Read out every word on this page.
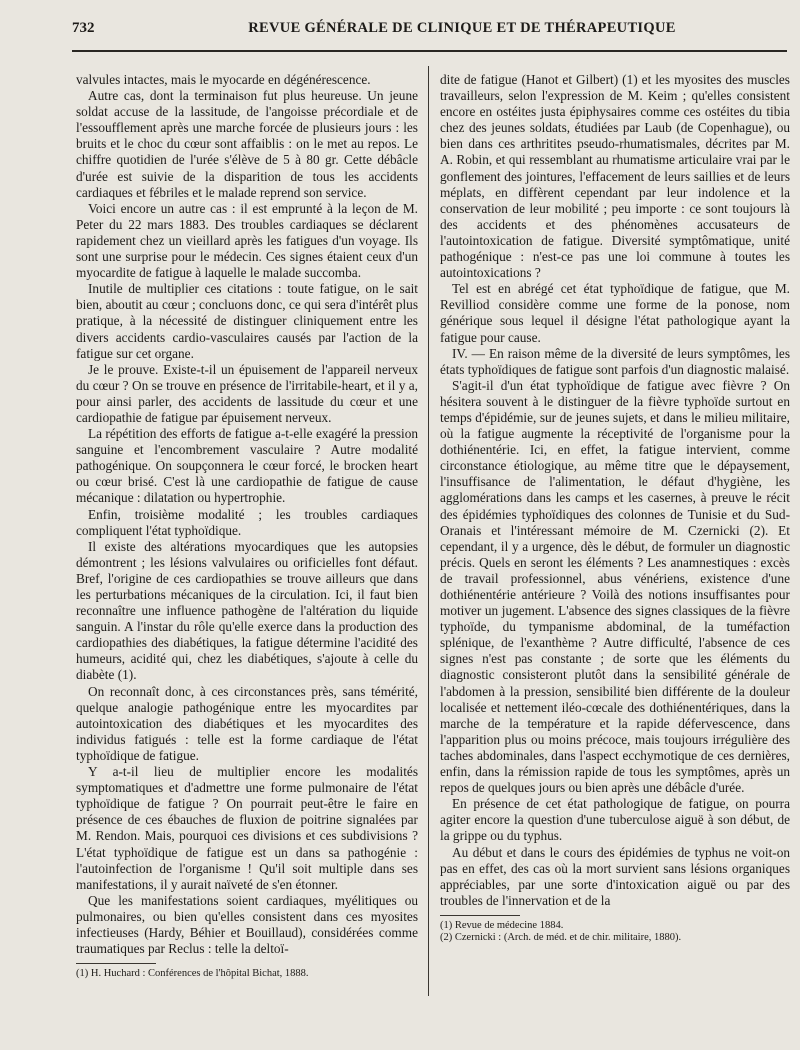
732	REVUE GÉNÉRALE DE CLINIQUE ET DE THÉRAPEUTIQUE

valvules intactes, mais le myocarde en dégénérescence.

Autre cas, dont la terminaison fut plus heureuse. Un jeune soldat accuse de la lassitude, de l'angoisse précordiale et de l'essoufflement après une marche forcée de plusieurs jours : les bruits et le choc du cœur sont affaiblis : on le met au repos. Le chiffre quotidien de l'urée s'élève de 5 à 80 gr. Cette débâcle d'urée est suivie de la disparition de tous les accidents cardiaques et fébriles et le malade reprend son service.

Voici encore un autre cas : il est emprunté à la leçon de M. Peter du 22 mars 1883. Des troubles cardiaques se déclarent rapidement chez un vieillard après les fatigues d'un voyage. Ils sont une surprise pour le médecin. Ces signes étaient ceux d'un myocardite de fatigue à laquelle le malade succomba.

Inutile de multiplier ces citations : toute fatigue, on le sait bien, aboutit au cœur ; concluons donc, ce qui sera d'intérêt plus pratique, à la nécessité de distinguer cliniquement entre les divers accidents cardio-vasculaires causés par l'action de la fatigue sur cet organe.

Je le prouve. Existe-t-il un épuisement de l'appareil nerveux du cœur ? On se trouve en présence de l'irritabile-heart, et il y a, pour ainsi parler, des accidents de lassitude du cœur et une cardiopathie de fatigue par épuisement nerveux.

La répétition des efforts de fatigue a-t-elle exagéré la pression sanguine et l'encombrement vasculaire ? Autre modalité pathogénique. On soupçonnera le cœur forcé, le brocken heart ou cœur brisé. C'est là une cardiopathie de fatigue de cause mécanique : dilatation ou hypertrophie.

Enfin, troisième modalité ; les troubles cardiaques compliquent l'état typhoïdique.

Il existe des altérations myocardiques que les autopsies démontrent ; les lésions valvulaires ou orificielles font défaut. Bref, l'origine de ces cardiopathies se trouve ailleurs que dans les perturbations mécaniques de la circulation. Ici, il faut bien reconnaître une influence pathogène de l'altération du liquide sanguin. A l'instar du rôle qu'elle exerce dans la production des cardiopathies des diabétiques, la fatigue détermine l'acidité des humeurs, acidité qui, chez les diabétiques, s'ajoute à celle du diabète (1).

On reconnaît donc, à ces circonstances près, sans témérité, quelque analogie pathogénique entre les myocardites par autointoxication des diabétiques et les myocardites des individus fatigués : telle est la forme cardiaque de l'état typhoïdique de fatigue.

Y a-t-il lieu de multiplier encore les modalités symptomatiques et d'admettre une forme pulmonaire de l'état typhoïdique de fatigue ? On pourrait peut-être le faire en présence de ces ébauches de fluxion de poitrine signalées par M. Rendon. Mais, pourquoi ces divisions et ces subdivisions ? L'état typhoïdique de fatigue est un dans sa pathogénie : l'autoinfection de l'organisme ! Qu'il soit multiple dans ses manifestations, il y aurait naïveté de s'en étonner.

Que les manifestations soient cardiaques, myélitiques ou pulmonaires, ou bien qu'elles consistent dans ces myosites infectieuses (Hardy, Béhier et Bouillaud), considérées comme traumatiques par Reclus : telle la deltoï-

(1) H. Huchard : Conférences de l'hôpital Bichat, 1888.

dite de fatigue (Hanot et Gilbert) (1) et les myosites des muscles travailleurs, selon l'expression de M. Keim ; qu'elles consistent encore en ostéites justa épiphysaires comme ces ostéites du tibia chez des jeunes soldats, étudiées par Laub (de Copenhague), ou bien dans ces arthritites pseudo-rhumatismales, décrites par M. A. Robin, et qui ressemblant au rhumatisme articulaire vrai par le gonflement des jointures, l'effacement de leurs saillies et de leurs méplats, en diffèrent cependant par leur indolence et la conservation de leur mobilité ; peu importe : ce sont toujours là des accidents et des phénomènes accusateurs de l'autointoxication de fatigue. Diversité symptômatique, unité pathogénique : n'est-ce pas une loi commune à toutes les autointoxications ?

Tel est en abrégé cet état typhoïdique de fatigue, que M. Revilliod considère comme une forme de la ponose, nom générique sous lequel il désigne l'état pathologique ayant la fatigue pour cause.

IV. — En raison même de la diversité de leurs symptômes, les états typhoïdiques de fatigue sont parfois d'un diagnostic malaisé.

S'agit-il d'un état typhoïdique de fatigue avec fièvre ? On hésitera souvent à le distinguer de la fièvre typhoïde surtout en temps d'épidémie, sur de jeunes sujets, et dans le milieu militaire, où la fatigue augmente la réceptivité de l'organisme pour la dothiénentérie. Ici, en effet, la fatigue intervient, comme circonstance étiologique, au même titre que le dépaysement, l'insuffisance de l'alimentation, le défaut d'hygiène, les agglomérations dans les camps et les casernes, à preuve le récit des épidémies typhoïdiques des colonnes de Tunisie et du Sud-Oranais et l'intéressant mémoire de M. Czernicki (2). Et cependant, il y a urgence, dès le début, de formuler un diagnostic précis. Quels en seront les éléments ? Les anamnestiques : excès de travail professionnel, abus vénériens, existence d'une dothiénentérie antérieure ? Voilà des notions insuffisantes pour motiver un jugement. L'absence des signes classiques de la fièvre typhoïde, du tympanisme abdominal, de la tuméfaction splénique, de l'exanthème ? Autre difficulté, l'absence de ces signes n'est pas constante ; de sorte que les éléments du diagnostic consisteront plutôt dans la sensibilité générale de l'abdomen à la pression, sensibilité bien différente de la douleur localisée et nettement iléo-cœcale des dothiénentériques, dans la marche de la température et la rapide défervescence, dans l'apparition plus ou moins précoce, mais toujours irrégulière des taches abdominales, dans l'aspect ecchymotique de ces dernières, enfin, dans la rémission rapide de tous les symptômes, après un repos de quelques jours ou bien après une débâcle d'urée.

En présence de cet état pathologique de fatigue, on pourra agiter encore la question d'une tuberculose aiguë à son début, de la grippe ou du typhus.

Au début et dans le cours des épidémies de typhus ne voit-on pas en effet, des cas où la mort survient sans lésions organiques appréciables, par une sorte d'intoxication aiguë ou par des troubles de l'innervation et de la

(1) Revue de médecine 1884.

(2) Czernicki : (Arch. de méd. et de chir. militaire, 1880).
